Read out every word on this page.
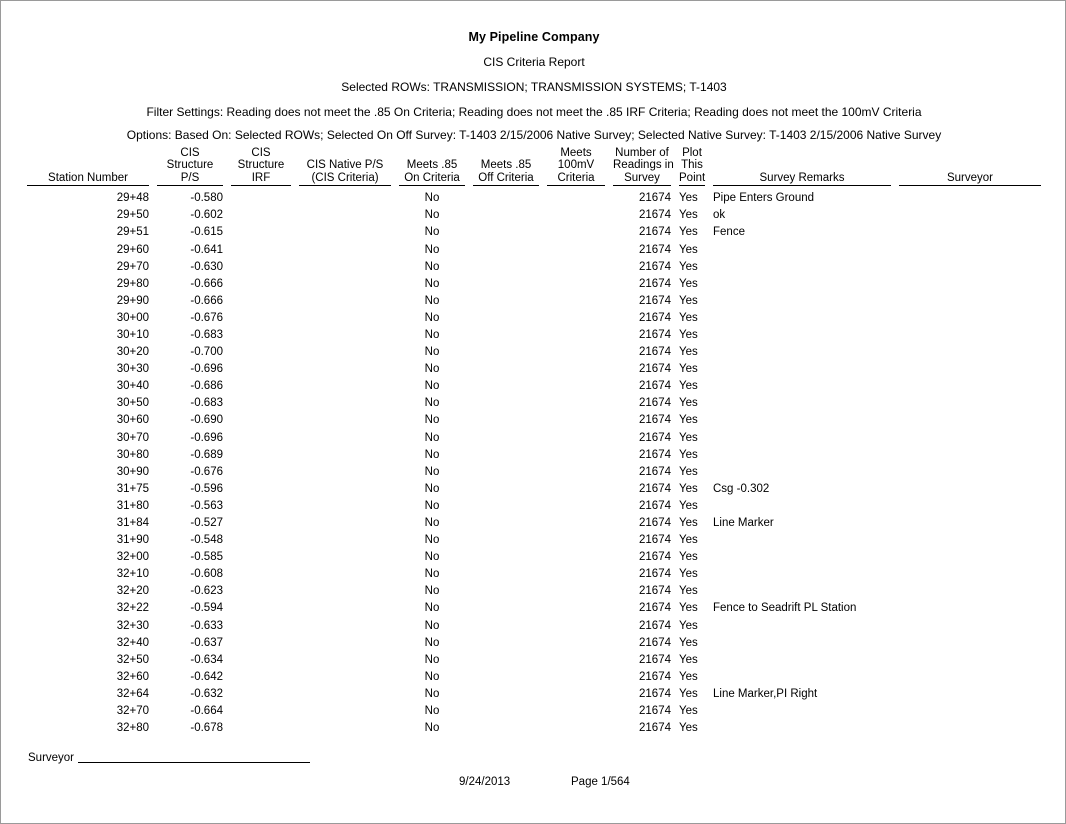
My Pipeline Company
CIS Criteria Report
Selected ROWs: TRANSMISSION; TRANSMISSION SYSTEMS; T-1403
Filter Settings: Reading does not meet the .85 On Criteria; Reading does not meet the .85 IRF Criteria; Reading does not meet the 100mV Criteria
Options: Based On: Selected ROWs; Selected On Off Survey: T-1403 2/15/2006 Native Survey; Selected Native Survey: T-1403 2/15/2006 Native Survey
Station Number	CIS
Structure
P/S	CIS
Structure
IRF	CIS Native P/S
(CIS Criteria)	Meets .85
On Criteria	Meets .85
Off Criteria	Meets
100mV
Criteria	Number of
Readings in
Survey	Plot
This
Point	Survey Remarks	Surveyor

29+48	-0.580			No			21674	Yes	Pipe Enters Ground	
29+50	-0.602			No			21674	Yes	ok	
29+51	-0.615			No			21674	Yes	Fence	
29+60	-0.641			No			21674	Yes		
29+70	-0.630			No			21674	Yes		
29+80	-0.666			No			21674	Yes		
29+90	-0.666			No			21674	Yes		
30+00	-0.676			No			21674	Yes		
30+10	-0.683			No			21674	Yes		
30+20	-0.700			No			21674	Yes		
30+30	-0.696			No			21674	Yes		
30+40	-0.686			No			21674	Yes		
30+50	-0.683			No			21674	Yes		
30+60	-0.690			No			21674	Yes		
30+70	-0.696			No			21674	Yes		
30+80	-0.689			No			21674	Yes		
30+90	-0.676			No			21674	Yes		
31+75	-0.596			No			21674	Yes	Csg -0.302	
31+80	-0.563			No			21674	Yes		
31+84	-0.527			No			21674	Yes	Line Marker	
31+90	-0.548			No			21674	Yes		
32+00	-0.585			No			21674	Yes		
32+10	-0.608			No			21674	Yes		
32+20	-0.623			No			21674	Yes		
32+22	-0.594			No			21674	Yes	Fence to Seadrift PL Station	
32+30	-0.633			No			21674	Yes		
32+40	-0.637			No			21674	Yes		
32+50	-0.634			No			21674	Yes		
32+60	-0.642			No			21674	Yes		
32+64	-0.632			No			21674	Yes	Line Marker,PI Right	
32+70	-0.664			No			21674	Yes		
32+80	-0.678			No			21674	Yes		
Surveyor
9/24/2013	Page 1/564
